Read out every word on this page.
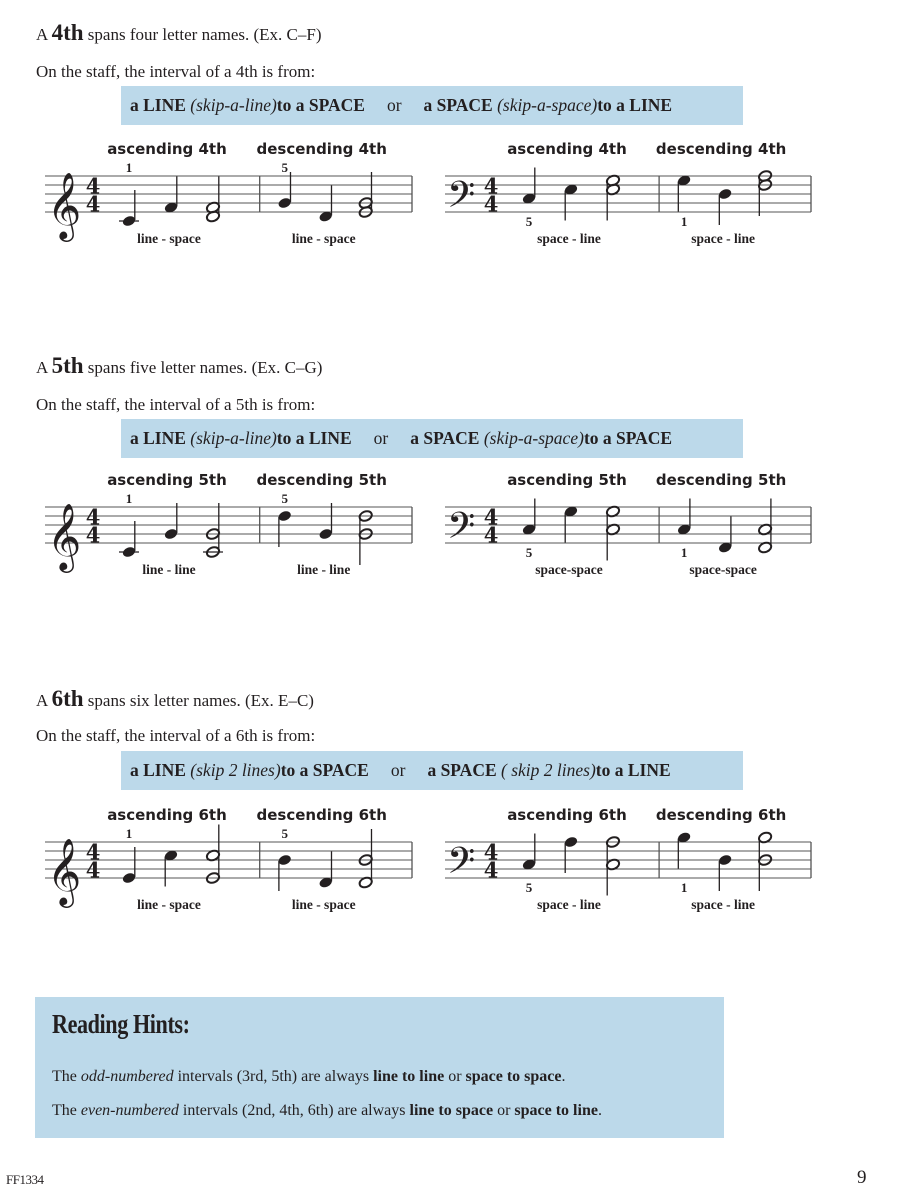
A 4th spans four letter names. (Ex. C–F)
On the staff, the interval of a 4th is from:
a LINE
(skip-a-line) to a SPACE or a SPACE
(skip-a-space) to a LINE
𝄞 4
4
ascending 4th descending 4th
1	5
line - space	line - space
𝄢 4
4
ascending 4th descending 4th
5	1
space - line	space - line
A 5th spans five letter names. (Ex. C–G)
On the staff, the interval of a 5th is from:
a LINE
(skip-a-line) to a LINE or a SPACE
(skip-a-space) to a SPACE
𝄞 4
4
ascending 5th descending 5th
1	5
line - line	line - line
𝄢 4
4
ascending 5th descending 5th
5	1
space-space	space-space
A 6th spans six letter names. (Ex. E–C)
On the staff, the interval of a 6th is from:
a LINE
(skip 2 lines) to a SPACE or a SPACE
( skip 2 lines) to a LINE
𝄞 4
4
ascending 6th descending 6th
1	5
line - space	line - space
𝄢 4
4
ascending 6th descending 6th
5	1
space - line	space - line
Reading Hints:
The odd-numbered intervals (3rd, 5th) are always line to line or space to space.
The even-numbered intervals (2nd, 4th, 6th) are always line to space or space to line.
FF1334	9
